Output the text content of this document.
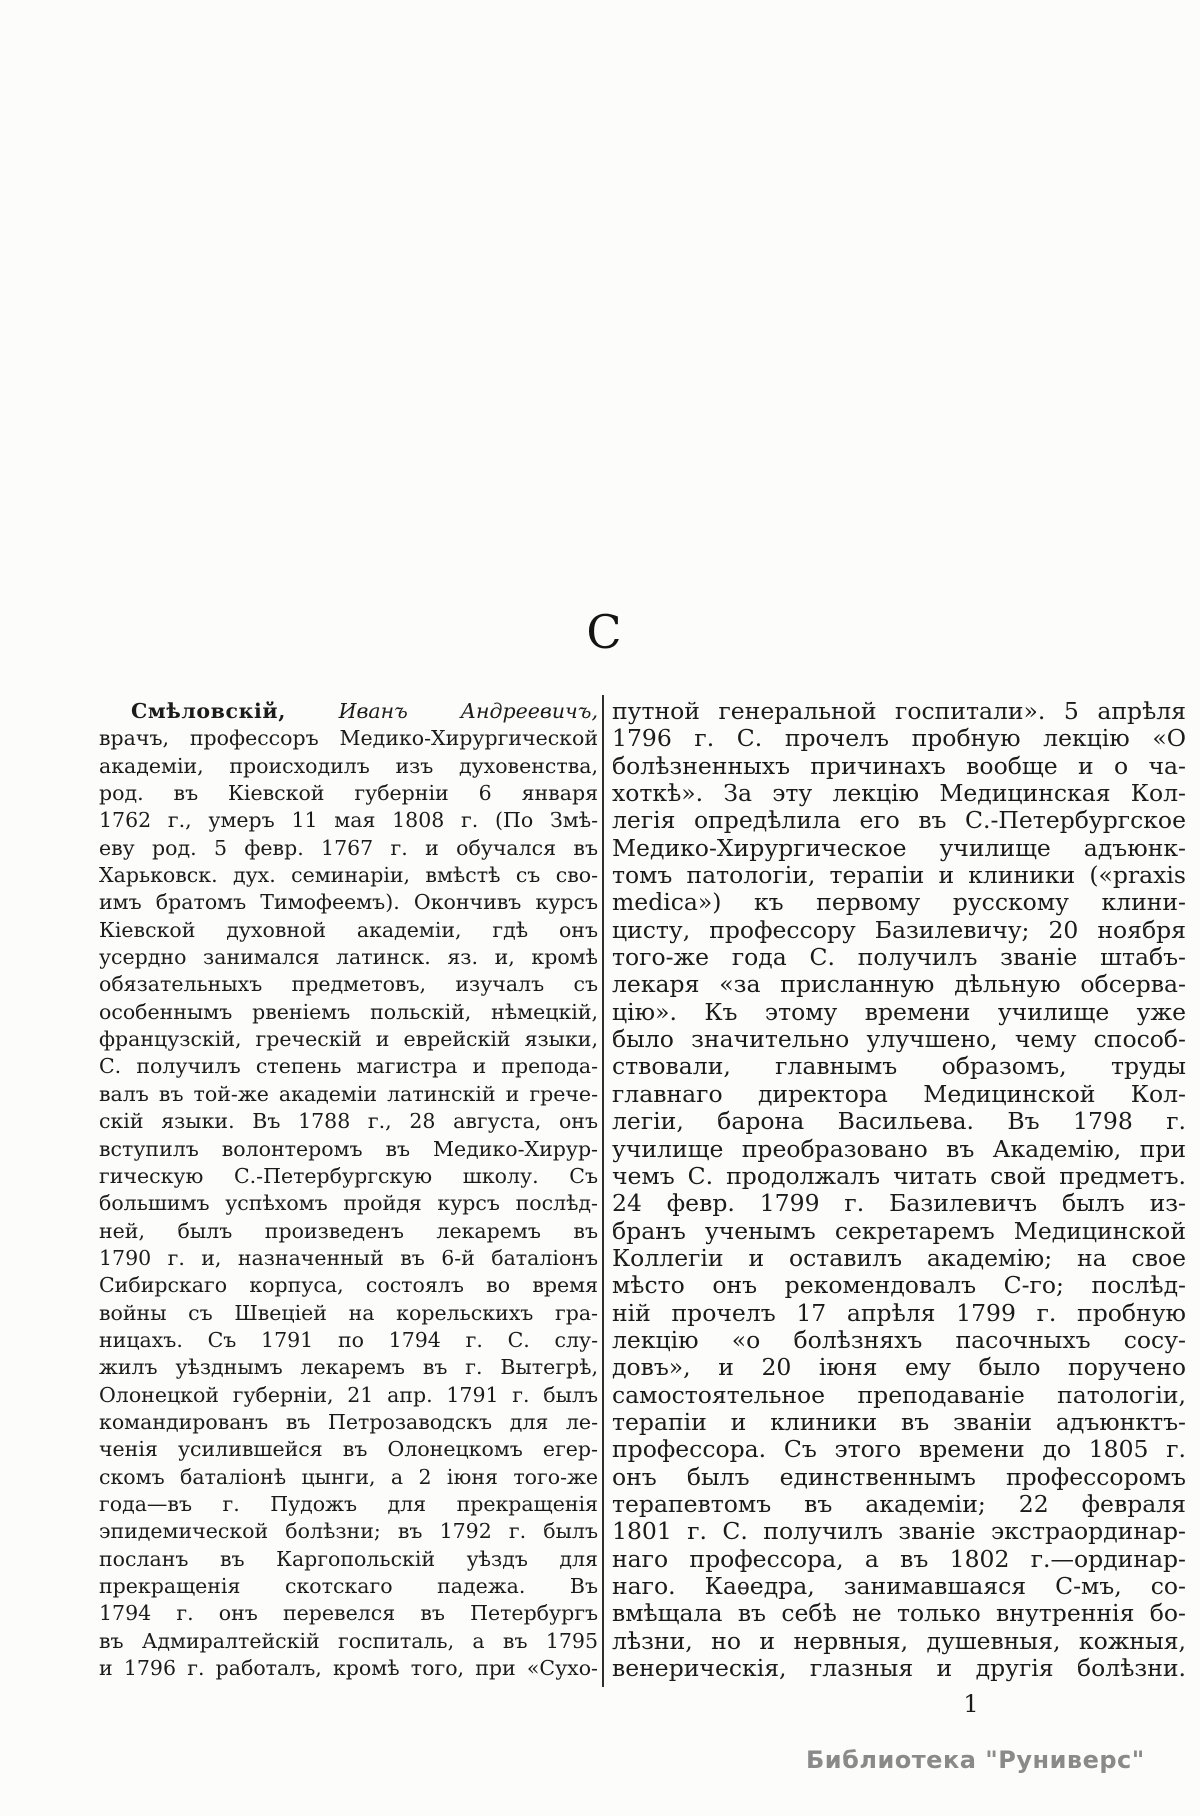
С
Смѣловскій,	Иванъ	Андреевичъ,
врачъ, профессоръ Медико-Хирургической
академіи, происходилъ изъ духовенства,
род. въ Кіевской губерніи 6 января
1762 г., умеръ 11 мая 1808 г. (По Змѣ-
еву род. 5 февр. 1767 г. и обучался въ
Харьковск. дух. семинаріи, вмѣстѣ съ сво-
имъ братомъ Тимофеемъ). Окончивъ курсъ
Кіевской духовной академіи, гдѣ онъ
усердно занимался латинск. яз. и, кромѣ
обязательныхъ предметовъ, изучалъ съ
особеннымъ рвеніемъ польскій, нѣмецкій,
французскій, греческій и еврейскій языки,
С. получилъ степень магистра и препода-
валъ въ той-же академіи латинскій и грече-
скій языки. Въ 1788 г., 28 августа, онъ
вступилъ волонтеромъ въ Медико-Хирур-
гическую С.-Петербургскую школу. Съ
большимъ успѣхомъ пройдя курсъ послѣд-
ней, былъ произведенъ лекаремъ въ
1790 г. и, назначенный въ 6-й баталіонъ
Сибирскаго корпуса, состоялъ во время
войны съ Швеціей на корельскихъ гра-
ницахъ. Съ 1791 по 1794 г. С. слу-
жилъ уѣзднымъ лекаремъ въ г. Вытегрѣ,
Олонецкой губерніи, 21 апр. 1791 г. былъ
командированъ въ Петрозаводскъ для ле-
ченія усилившейся въ Олонецкомъ егер-
скомъ баталіонѣ цынги, а 2 іюня того-же
года—въ г. Пудожъ для прекращенія
эпидемической болѣзни; въ 1792 г. былъ
посланъ въ Каргопольскій уѣздъ для
прекращенія скотскаго падежа. Въ
1794 г. онъ перевелся въ Петербургъ
въ Адмиралтейскій госпиталь, а въ 1795
и 1796 г. работалъ, кромѣ того, при «Сухо-
путной генеральной госпитали». 5 апрѣля
1796 г. С. прочелъ пробную лекцію «О
болѣзненныхъ причинахъ вообще и о ча-
хоткѣ». За эту лекцію Медицинская Кол-
легія опредѣлила его въ С.-Петербургское
Медико-Хирургическое училище адъюнк-
томъ патологіи, терапіи и клиники («praxis
medica») къ первому русскому клини-
цисту, профессору Базилевичу; 20 ноября
того-же года С. получилъ званіе штабъ-
лекаря «за присланную дѣльную обсерва-
цію». Къ этому времени училище уже
было значительно улучшено, чему способ-
ствовали, главнымъ образомъ, труды
главнаго директора Медицинской Кол-
легіи, барона Васильева. Въ 1798 г.
училище преобразовано въ Академію, при
чемъ С. продолжалъ читать свой предметъ.
24 февр. 1799 г. Базилевичъ былъ из-
бранъ ученымъ секретаремъ Медицинской
Коллегіи и оставилъ академію; на свое
мѣсто онъ рекомендовалъ С-го; послѣд-
ній прочелъ 17 апрѣля 1799 г. пробную
лекцію «о болѣзняхъ пасочныхъ сосу-
довъ», и 20 іюня ему было поручено
самостоятельное преподаваніе патологіи,
терапіи и клиники въ званіи адъюнктъ-
профессора. Съ этого времени до 1805 г.
онъ былъ единственнымъ профессоромъ
терапевтомъ въ академіи; 22 февраля
1801 г. С. получилъ званіе экстраординар-
наго профессора, а въ 1802 г.—ординар-
наго. Каѳедра, занимавшаяся С-мъ, со-
вмѣщала въ себѣ не только внутреннія бо-
лѣзни, но и нервныя, душевныя, кожныя,
венерическія, глазныя и другія болѣзни.
1
Библиотека "Руниверс"
